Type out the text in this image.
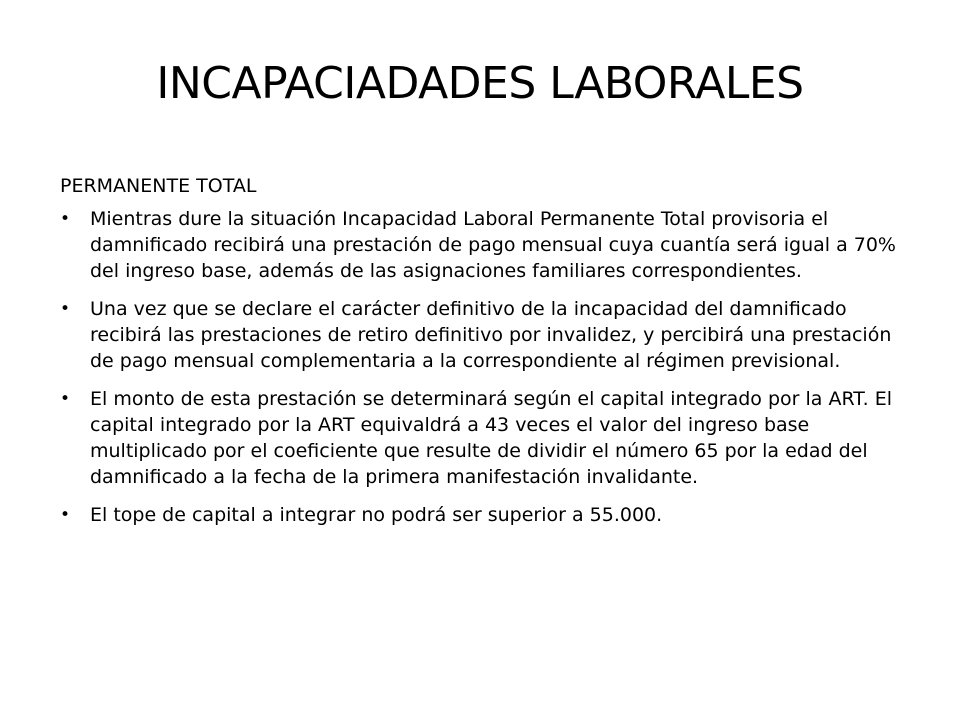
INCAPACIADADES LABORALES

PERMANENTE TOTAL

•	Mientras dure la situación Incapacidad Laboral Permanente Total provisoria el damnificado recibirá una prestación de pago mensual cuya cuantía será igual a 70% del ingreso base, además de las asignaciones familiares correspondientes.
•	Una vez que se declare el carácter definitivo de la incapacidad del damnificado recibirá las prestaciones de retiro definitivo por invalidez, y percibirá una prestación de pago mensual complementaria a la correspondiente al régimen previsional.
•	El monto de esta prestación se determinará según el capital integrado por la ART. El capital integrado por la ART equivaldrá a 43 veces el valor del ingreso base multiplicado por el coeficiente que resulte de dividir el número 65 por la edad del damnificado a la fecha de la primera manifestación invalidante.
•	El tope de capital a integrar no podrá ser superior a 55.000.
